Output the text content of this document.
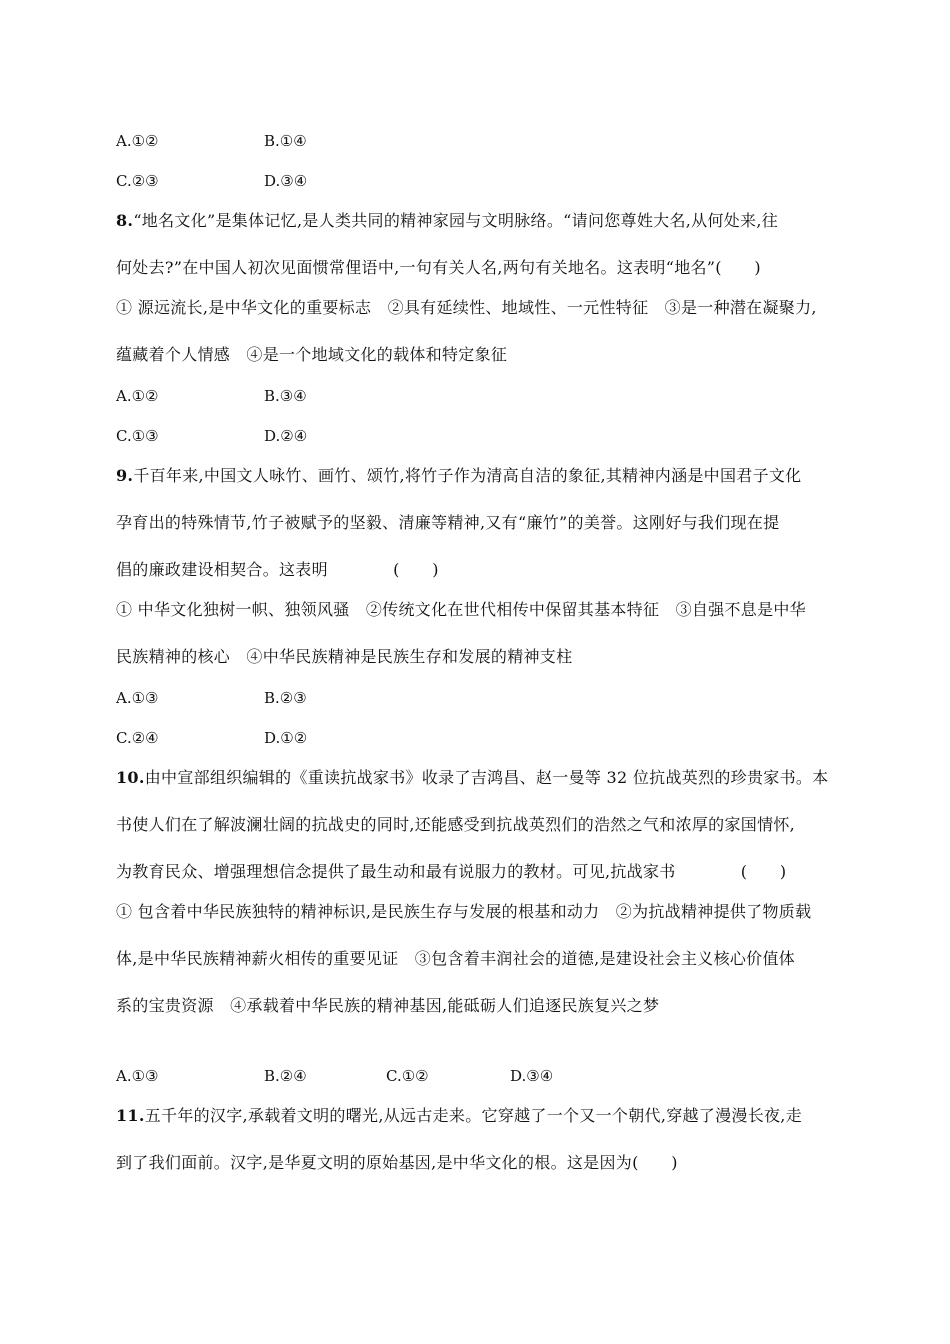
A.①②	B.①④
C.②③	D.③④
8.“地名文化”是集体记忆,是人类共同的精神家园与文明脉络。“请问您尊姓大名,从何处来,往
何处去?”在中国人初次见面惯常俚语中,一句有关人名,两句有关地名。这表明“地名”(　　)
① 源远流长,是中华文化的重要标志　②具有延续性、地域性、一元性特征　③是一种潜在凝聚力,
蕴藏着个人情感　④是一个地域文化的载体和特定象征
A.①②	B.③④
C.①③	D.②④
9.千百年来,中国文人咏竹、画竹、颂竹,将竹子作为清高自洁的象征,其精神内涵是中国君子文化
孕育出的特殊情节,竹子被赋予的坚毅、清廉等精神,又有“廉竹”的美誉。这刚好与我们现在提
倡的廉政建设相契合。这表明　　　　(　　)
① 中华文化独树一帜、独领风骚　②传统文化在世代相传中保留其基本特征　③自强不息是中华
民族精神的核心　④中华民族精神是民族生存和发展的精神支柱
A.①③	B.②③
C.②④	D.①②
10.由中宣部组织编辑的《重读抗战家书》收录了吉鸿昌、赵一曼等 32 位抗战英烈的珍贵家书。本
书使人们在了解波澜壮阔的抗战史的同时,还能感受到抗战英烈们的浩然之气和浓厚的家国情怀,
为教育民众、增强理想信念提供了最生动和最有说服力的教材。可见,抗战家书　　　　(　　)
① 包含着中华民族独特的精神标识,是民族生存与发展的根基和动力　②为抗战精神提供了物质载
体,是中华民族精神薪火相传的重要见证　③包含着丰润社会的道德,是建设社会主义核心价值体
系的宝贵资源　④承载着中华民族的精神基因,能砥砺人们追逐民族复兴之梦
A.①③	B.②④	C.①②	D.③④
11.五千年的汉字,承载着文明的曙光,从远古走来。它穿越了一个又一个朝代,穿越了漫漫长夜,走
到了我们面前。汉字,是华夏文明的原始基因,是中华文化的根。这是因为(　　)
